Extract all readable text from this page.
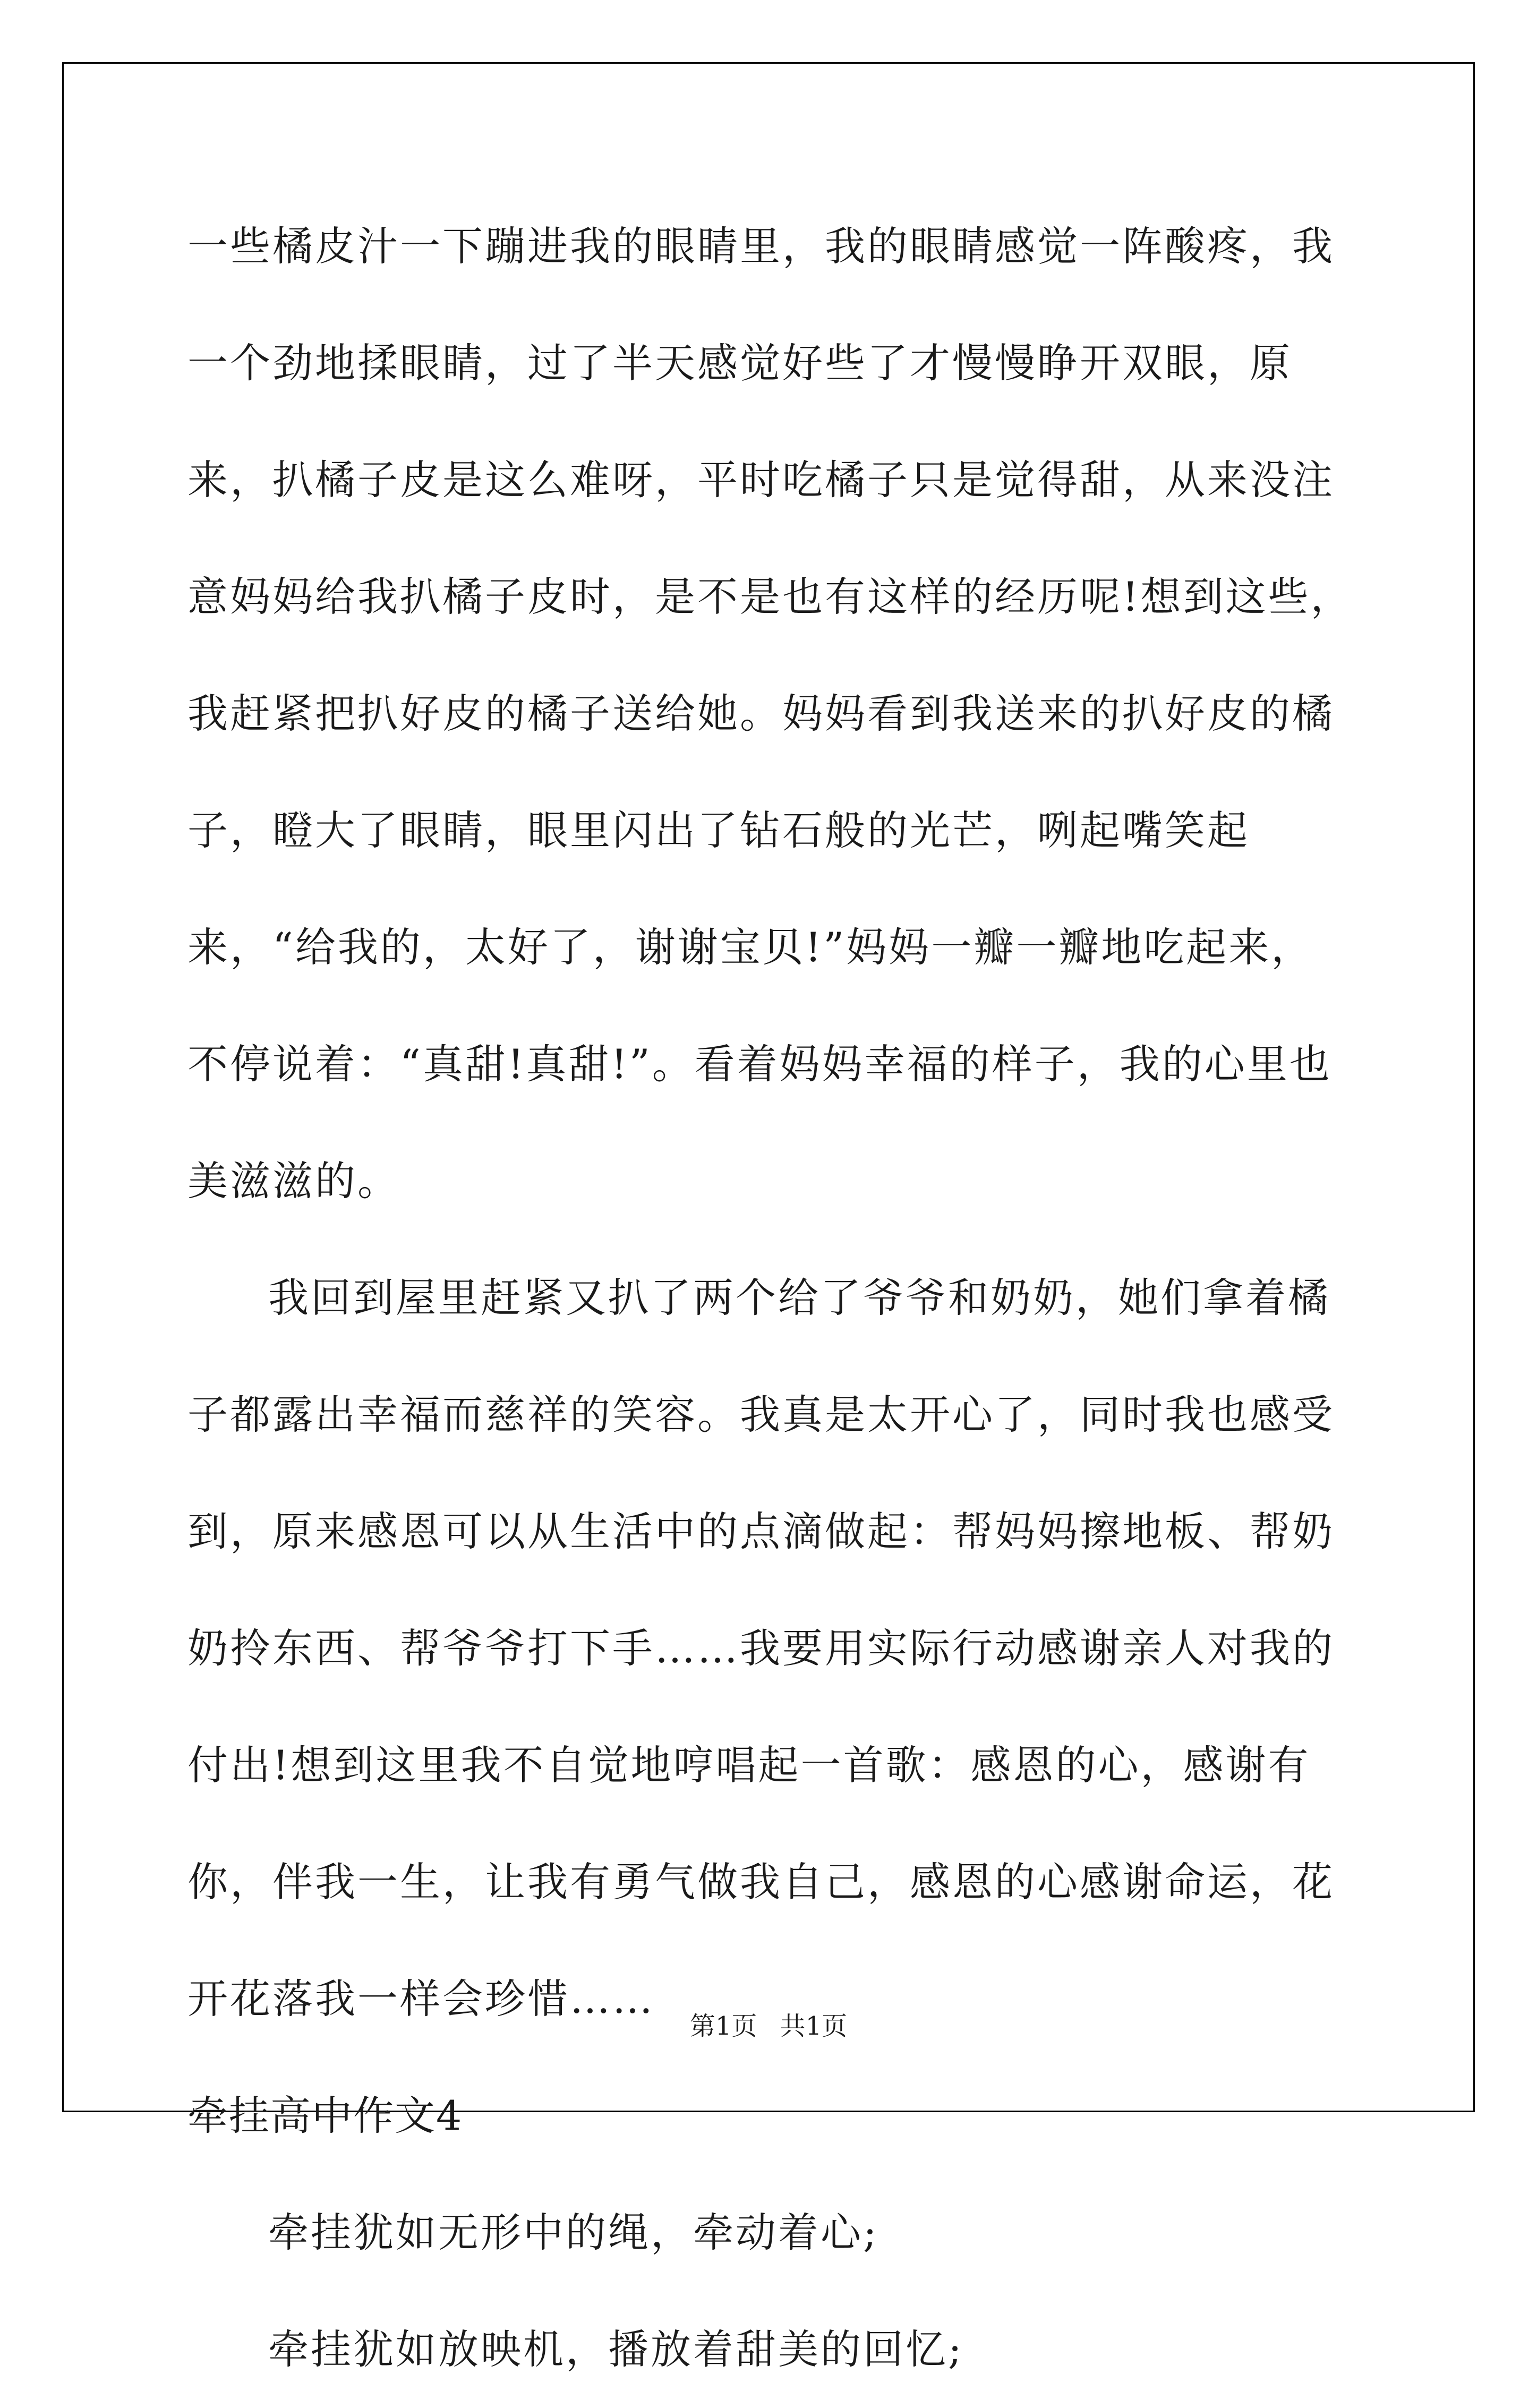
一些橘皮汁一下蹦进我的眼睛里，我的眼睛感觉一阵酸疼，我一个劲地揉眼睛，过了半天感觉好些了才慢慢睁开双眼，原来，扒橘子皮是这么难呀，平时吃橘子只是觉得甜，从来没注意妈妈给我扒橘子皮时，是不是也有这样的经历呢!想到这些，我赶紧把扒好皮的橘子送给她。妈妈看到我送来的扒好皮的橘子，瞪大了眼睛，眼里闪出了钻石般的光芒，咧起嘴笑起来，“给我的，太好了，谢谢宝贝!”妈妈一瓣一瓣地吃起来，不停说着：“真甜!真甜!”。看着妈妈幸福的样子，我的心里也美滋滋的。

我回到屋里赶紧又扒了两个给了爷爷和奶奶，她们拿着橘子都露出幸福而慈祥的笑容。我真是太开心了，同时我也感受到，原来感恩可以从生活中的点滴做起：帮妈妈擦地板、帮奶奶拎东西、帮爷爷打下手……我要用实际行动感谢亲人对我的付出!想到这里我不自觉地哼唱起一首歌：感恩的心，感谢有你，伴我一生，让我有勇气做我自己，感恩的心感谢命运，花开花落我一样会珍惜……

牵挂高中作文4

牵挂犹如无形中的绳，牵动着心;

牵挂犹如放映机，播放着甜美的回忆;

第1页 共1页
